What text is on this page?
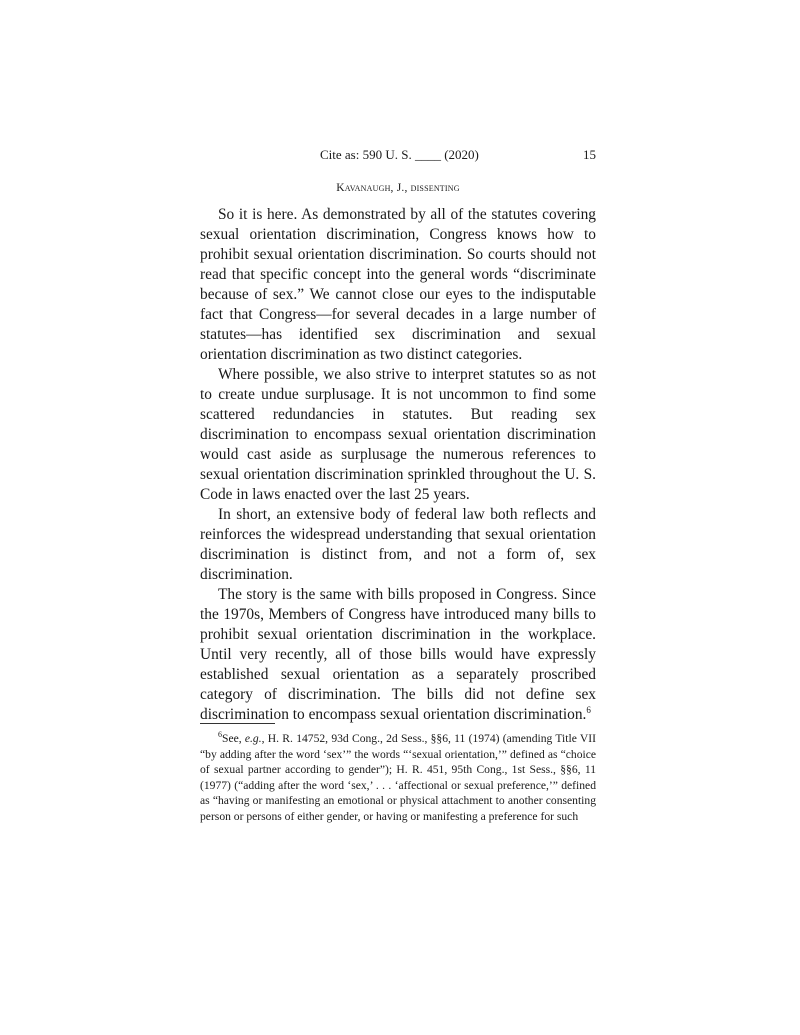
Cite as: 590 U. S. ____ (2020)	15
Kavanaugh, J., dissenting

So it is here. As demonstrated by all of the statutes covering sexual orientation discrimination, Congress knows how to prohibit sexual orientation discrimination. So courts should not read that specific concept into the general words “discriminate because of sex.” We cannot close our eyes to the indisputable fact that Congress—for several decades in a large number of statutes—has identified sex discrimination and sexual orientation discrimination as two distinct categories.

Where possible, we also strive to interpret statutes so as not to create undue surplusage. It is not uncommon to find some scattered redundancies in statutes. But reading sex discrimination to encompass sexual orientation discrimination would cast aside as surplusage the numerous references to sexual orientation discrimination sprinkled throughout the U. S. Code in laws enacted over the last 25 years.

In short, an extensive body of federal law both reflects and reinforces the widespread understanding that sexual orientation discrimination is distinct from, and not a form of, sex discrimination.

The story is the same with bills proposed in Congress. Since the 1970s, Members of Congress have introduced many bills to prohibit sexual orientation discrimination in the workplace. Until very recently, all of those bills would have expressly established sexual orientation as a separately proscribed category of discrimination. The bills did not define sex discrimination to encompass sexual orientation discrimination.$^6$

$^6$See, e.g., H. R. 14752, 93d Cong., 2d Sess., §§6, 11 (1974) (amending Title VII “by adding after the word ‘sex’” the words “‘sexual orientation,’” defined as “choice of sexual partner according to gender”); H. R. 451, 95th Cong., 1st Sess., §§6, 11 (1977) (“adding after the word ‘sex,’ . . . ‘affectional or sexual preference,’” defined as “having or manifesting an emotional or physical attachment to another consenting person or persons of either gender, or having or manifesting a preference for such
